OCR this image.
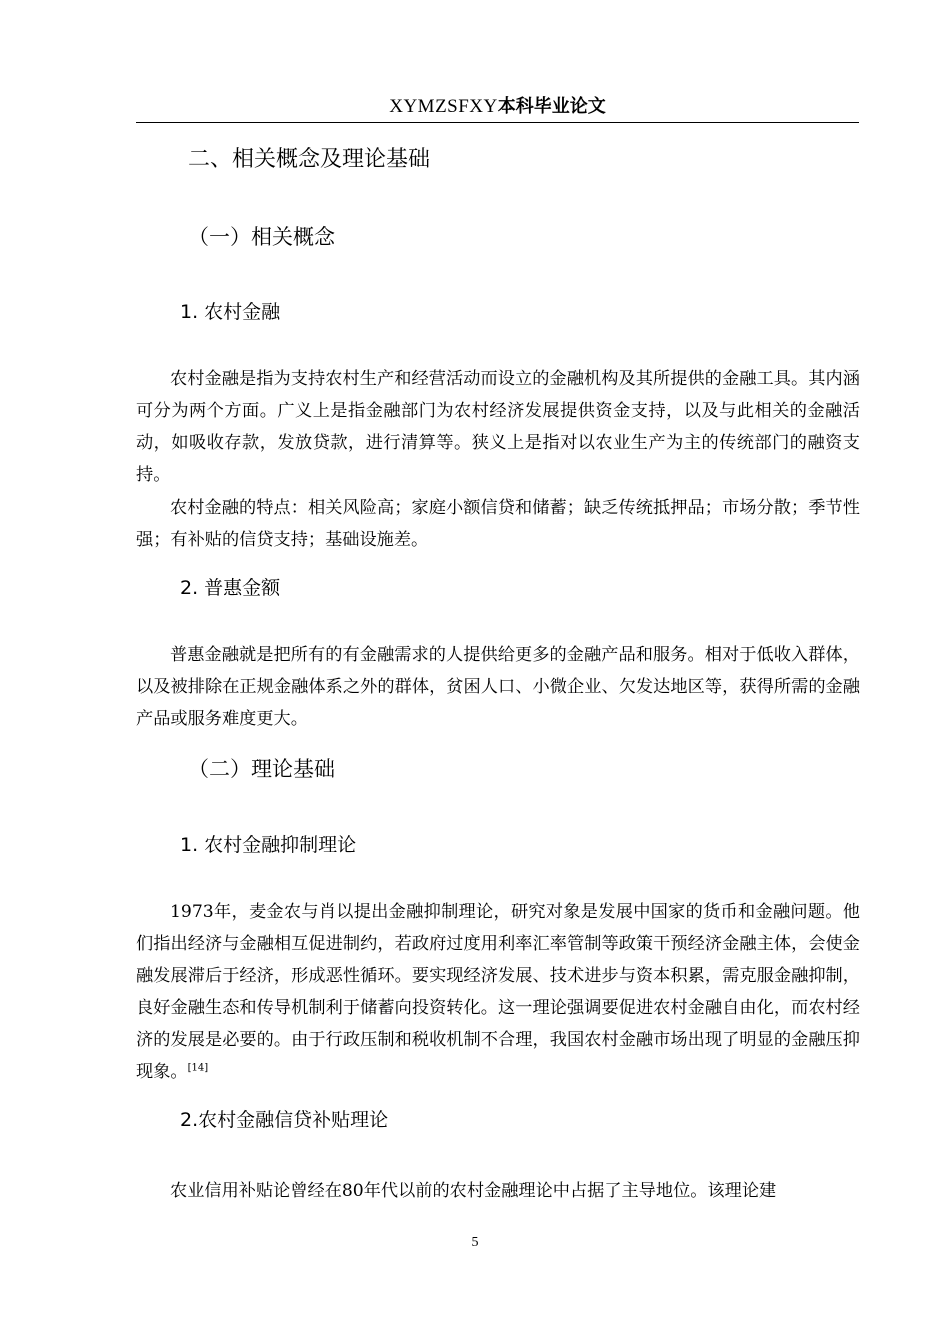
XYMZSFXY本科毕业论文
二、相关概念及理论基础
（一）相关概念
1. 农村金融
农村金融是指为支持农村生产和经营活动而设立的金融机构及其所提供的金融工具。其内涵可分为两个方面。广义上是指金融部门为农村经济发展提供资金支持，以及与此相关的金融活动，如吸收存款，发放贷款，进行清算等。狭义上是指对以农业生产为主的传统部门的融资支持。
农村金融的特点：相关风险高；家庭小额信贷和储蓄；缺乏传统抵押品；市场分散；季节性强；有补贴的信贷支持；基础设施差。
2. 普惠金额
普惠金融就是把所有的有金融需求的人提供给更多的金融产品和服务。相对于低收入群体，以及被排除在正规金融体系之外的群体，贫困人口、小微企业、欠发达地区等，获得所需的金融产品或服务难度更大。
（二）理论基础
1. 农村金融抑制理论
1973年，麦金农与肖以提出金融抑制理论，研究对象是发展中国家的货币和金融问题。他们指出经济与金融相互促进制约，若政府过度用利率汇率管制等政策干预经济金融主体，会使金融发展滞后于经济，形成恶性循环。要实现经济发展、技术进步与资本积累，需克服金融抑制，良好金融生态和传导机制利于储蓄向投资转化。这一理论强调要促进农村金融自由化，而农村经济的发展是必要的。由于行政压制和税收机制不合理，我国农村金融市场出现了明显的金融压抑现象。[14]
2.农村金融信贷补贴理论
农业信用补贴论曾经在80年代以前的农村金融理论中占据了主导地位。该理论建
5
